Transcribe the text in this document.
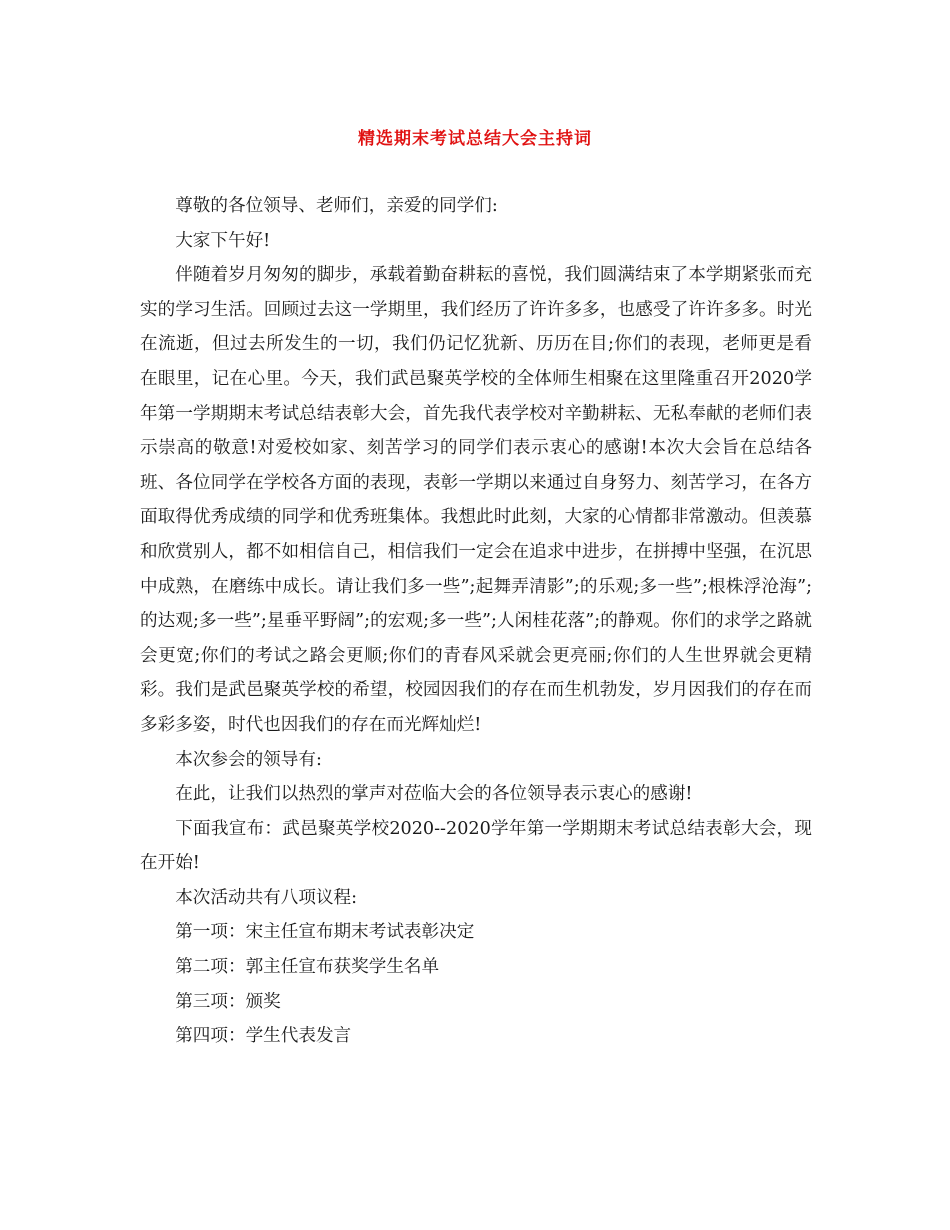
精选期末考试总结大会主持词

尊敬的各位领导、老师们，亲爱的同学们:

大家下午好!

伴随着岁月匆匆的脚步，承载着勤奋耕耘的喜悦，我们圆满结束了本学期紧张而充实的学习生活。回顾过去这一学期里，我们经历了许许多多，也感受了许许多多。时光在流逝，但过去所发生的一切，我们仍记忆犹新、历历在目;你们的表现，老师更是看在眼里，记在心里。今天，我们武邑聚英学校的全体师生相聚在这里隆重召开2020学年第一学期期末考试总结表彰大会，首先我代表学校对辛勤耕耘、无私奉献的老师们表示崇高的敬意!对爱校如家、刻苦学习的同学们表示衷心的感谢!本次大会旨在总结各班、各位同学在学校各方面的表现，表彰一学期以来通过自身努力、刻苦学习，在各方面取得优秀成绩的同学和优秀班集体。我想此时此刻，大家的心情都非常激动。但羡慕和欣赏别人，都不如相信自己，相信我们一定会在追求中进步，在拼搏中坚强，在沉思中成熟，在磨练中成长。请让我们多一些”;起舞弄清影”;的乐观;多一些”;根株浮沧海”;的达观;多一些”;星垂平野阔”;的宏观;多一些”;人闲桂花落”;的静观。你们的求学之路就会更宽;你们的考试之路会更顺;你们的青春风采就会更亮丽;你们的人生世界就会更精彩。我们是武邑聚英学校的希望，校园因我们的存在而生机勃发，岁月因我们的存在而多彩多姿，时代也因我们的存在而光辉灿烂!

本次参会的领导有:

在此，让我们以热烈的掌声对莅临大会的各位领导表示衷心的感谢!

下面我宣布：武邑聚英学校2020--2020学年第一学期期末考试总结表彰大会，现在开始!

本次活动共有八项议程:

第一项：宋主任宣布期末考试表彰决定

第二项：郭主任宣布获奖学生名单

第三项：颁奖

第四项：学生代表发言
